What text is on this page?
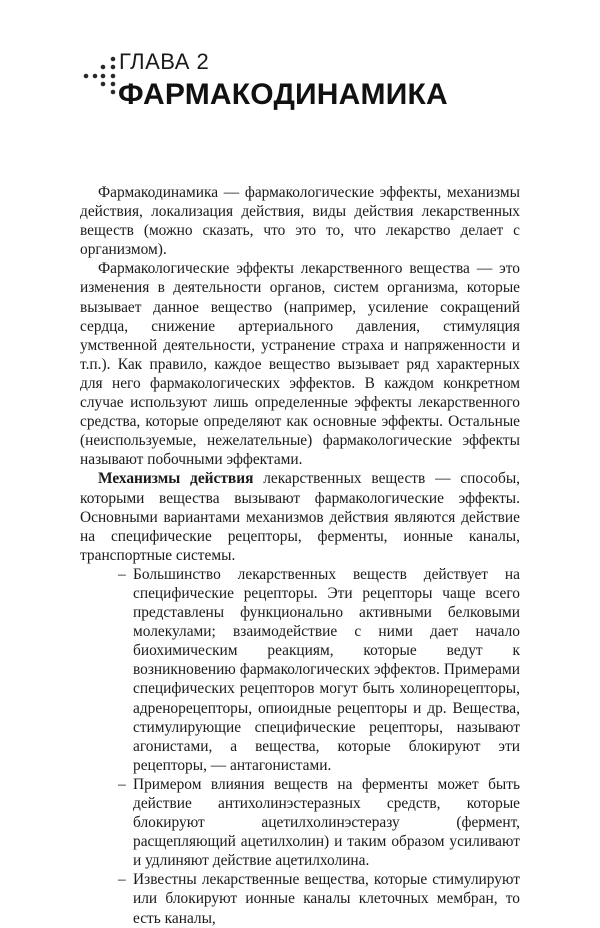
ГЛАВА 2
ФАРМАКОДИНАМИКА

Фармакодинамика — фармакологические эффекты, механизмы действия, локализация действия, виды действия лекарственных веществ (можно сказать, что это то, что лекарство делает с организмом).

Фармакологические эффекты лекарственного вещества — это изменения в деятельности органов, систем организма, которые вызывает данное вещество (например, усиление сокращений сердца, снижение артериального давления, стимуляция умственной деятельности, устранение страха и напряженности и т.п.). Как правило, каждое вещество вызывает ряд характерных для него фармакологических эффектов. В каждом конкретном случае используют лишь определенные эффекты лекарственного средства, которые определяют как основные эффекты. Остальные (неиспользуемые, нежелательные) фармакологические эффекты называют побочными эффектами.

Механизмы действия лекарственных веществ — способы, которыми вещества вызывают фармакологические эффекты. Основными вариантами механизмов действия являются действие на специфические рецепторы, ферменты, ионные каналы, транспортные системы.

– Большинство лекарственных веществ действует на специфические рецепторы. Эти рецепторы чаще всего представлены функционально активными белковыми молекулами; взаимодействие с ними дает начало биохимическим реакциям, которые ведут к возникновению фармакологических эффектов. Примерами специфических рецепторов могут быть холинорецепторы, адренорецепторы, опиоидные рецепторы и др. Вещества, стимулирующие специфические рецепторы, называют агонистами, а вещества, которые блокируют эти рецепторы, — антагонистами.
– Примером влияния веществ на ферменты может быть действие антихолинэстеразных средств, которые блокируют ацетилхолинэстеразу (фермент, расщепляющий ацетилхолин) и таким образом усиливают и удлиняют действие ацетилхолина.
– Известны лекарственные вещества, которые стимулируют или блокируют ионные каналы клеточных мембран, то есть каналы,
